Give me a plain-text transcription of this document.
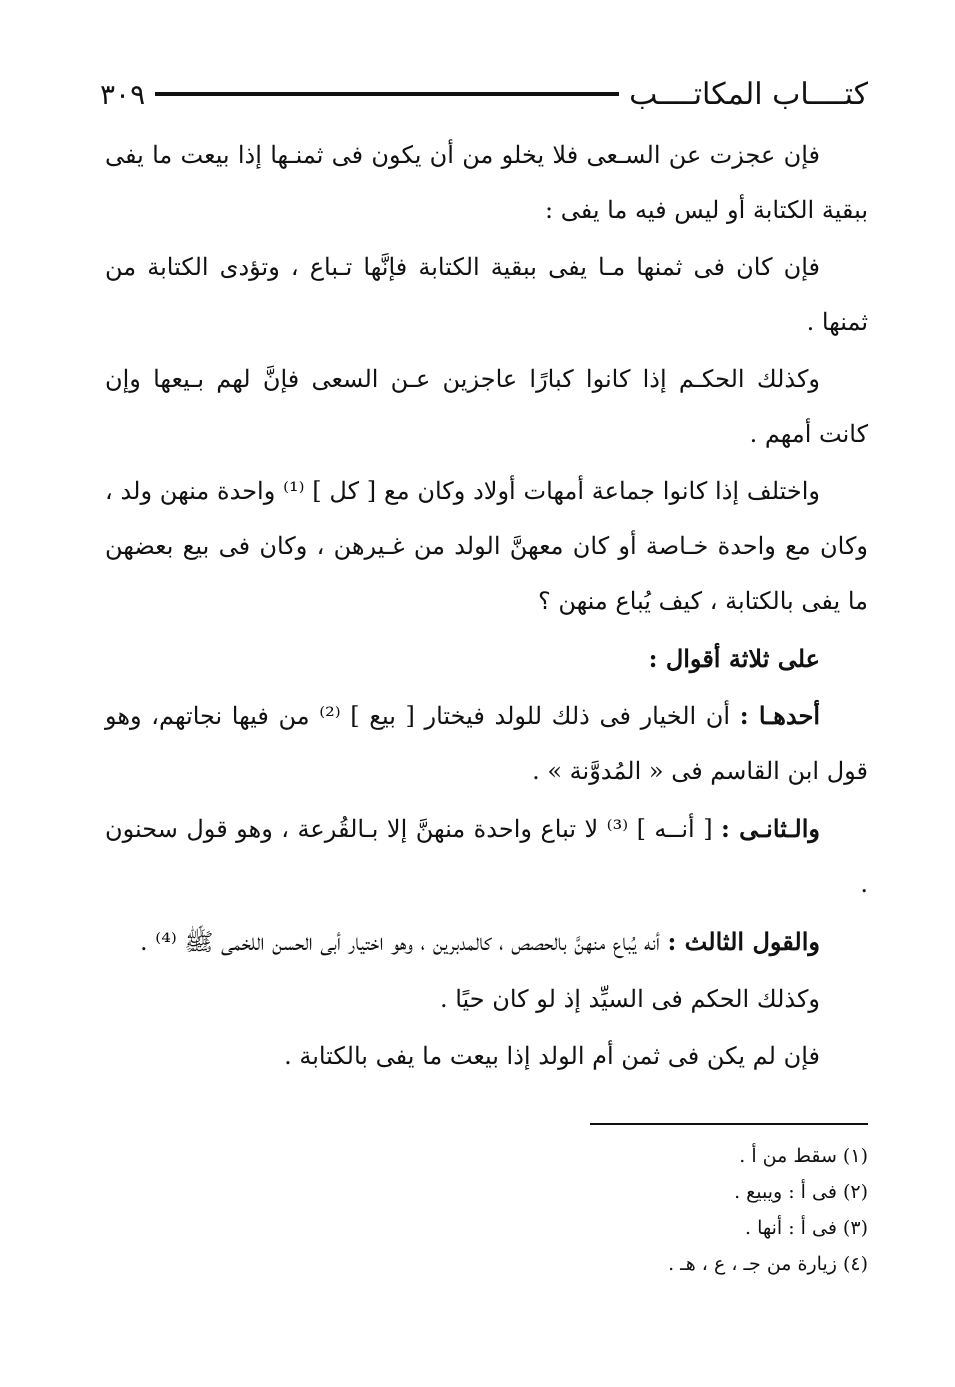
كتــــاب المكاتــــب
٣٠٩

فإن عجزت عن السـعى فلا يخلو من أن يكون فى ثمنـها إذا بيعت ما يفى ببقية الكتابة أو ليس فيه ما يفى :

فإن كان فى ثمنها مـا يفى ببقية الكتابة فإنَّها تـباع ، وتؤدى الكتابة من ثمنها .

وكذلك الحكـم إذا كانوا كبارًا عاجزين عـن السعى فإنَّ لهم بـيعها وإن كانت أمهم .

واختلف إذا كانوا جماعة أمهات أولاد وكان مع [ كل ] ⁽¹⁾ واحدة منهن ولد ، وكان مع واحدة خـاصة أو كان معهنَّ الولد من غـيرهن ، وكان فى بيع بعضهن ما يفى بالكتابة ، كيف يُباع منهن ؟

على ثلاثة أقوال :

أحدهـا : أن الخيار فى ذلك للولد فيختار [ بيع ] ⁽²⁾ من فيها نجاتهم، وهو قول ابن القاسم فى « المُدوَّنة » .

والـثانـى : [ أنــه ] ⁽³⁾ لا تباع واحدة منهنَّ إلا بـالقُرعة ، وهو قول سحنون .

والقول الثالث : أنه يُباع منهنَّ بالحصص ، كالمدبرين ، وهو اختيار أبى الحسن اللخمى ﷺ ⁽⁴⁾ .

وكذلك الحكم فى السيِّد إذ لو كان حيًا .

فإن لم يكن فى ثمن أم الولد إذا بيعت ما يفى بالكتابة .

(١) سقط من أ .
(٢) فى أ : ويبيع .
(٣) فى أ : أنها .
(٤) زيارة من جـ ، ع ، هـ .
